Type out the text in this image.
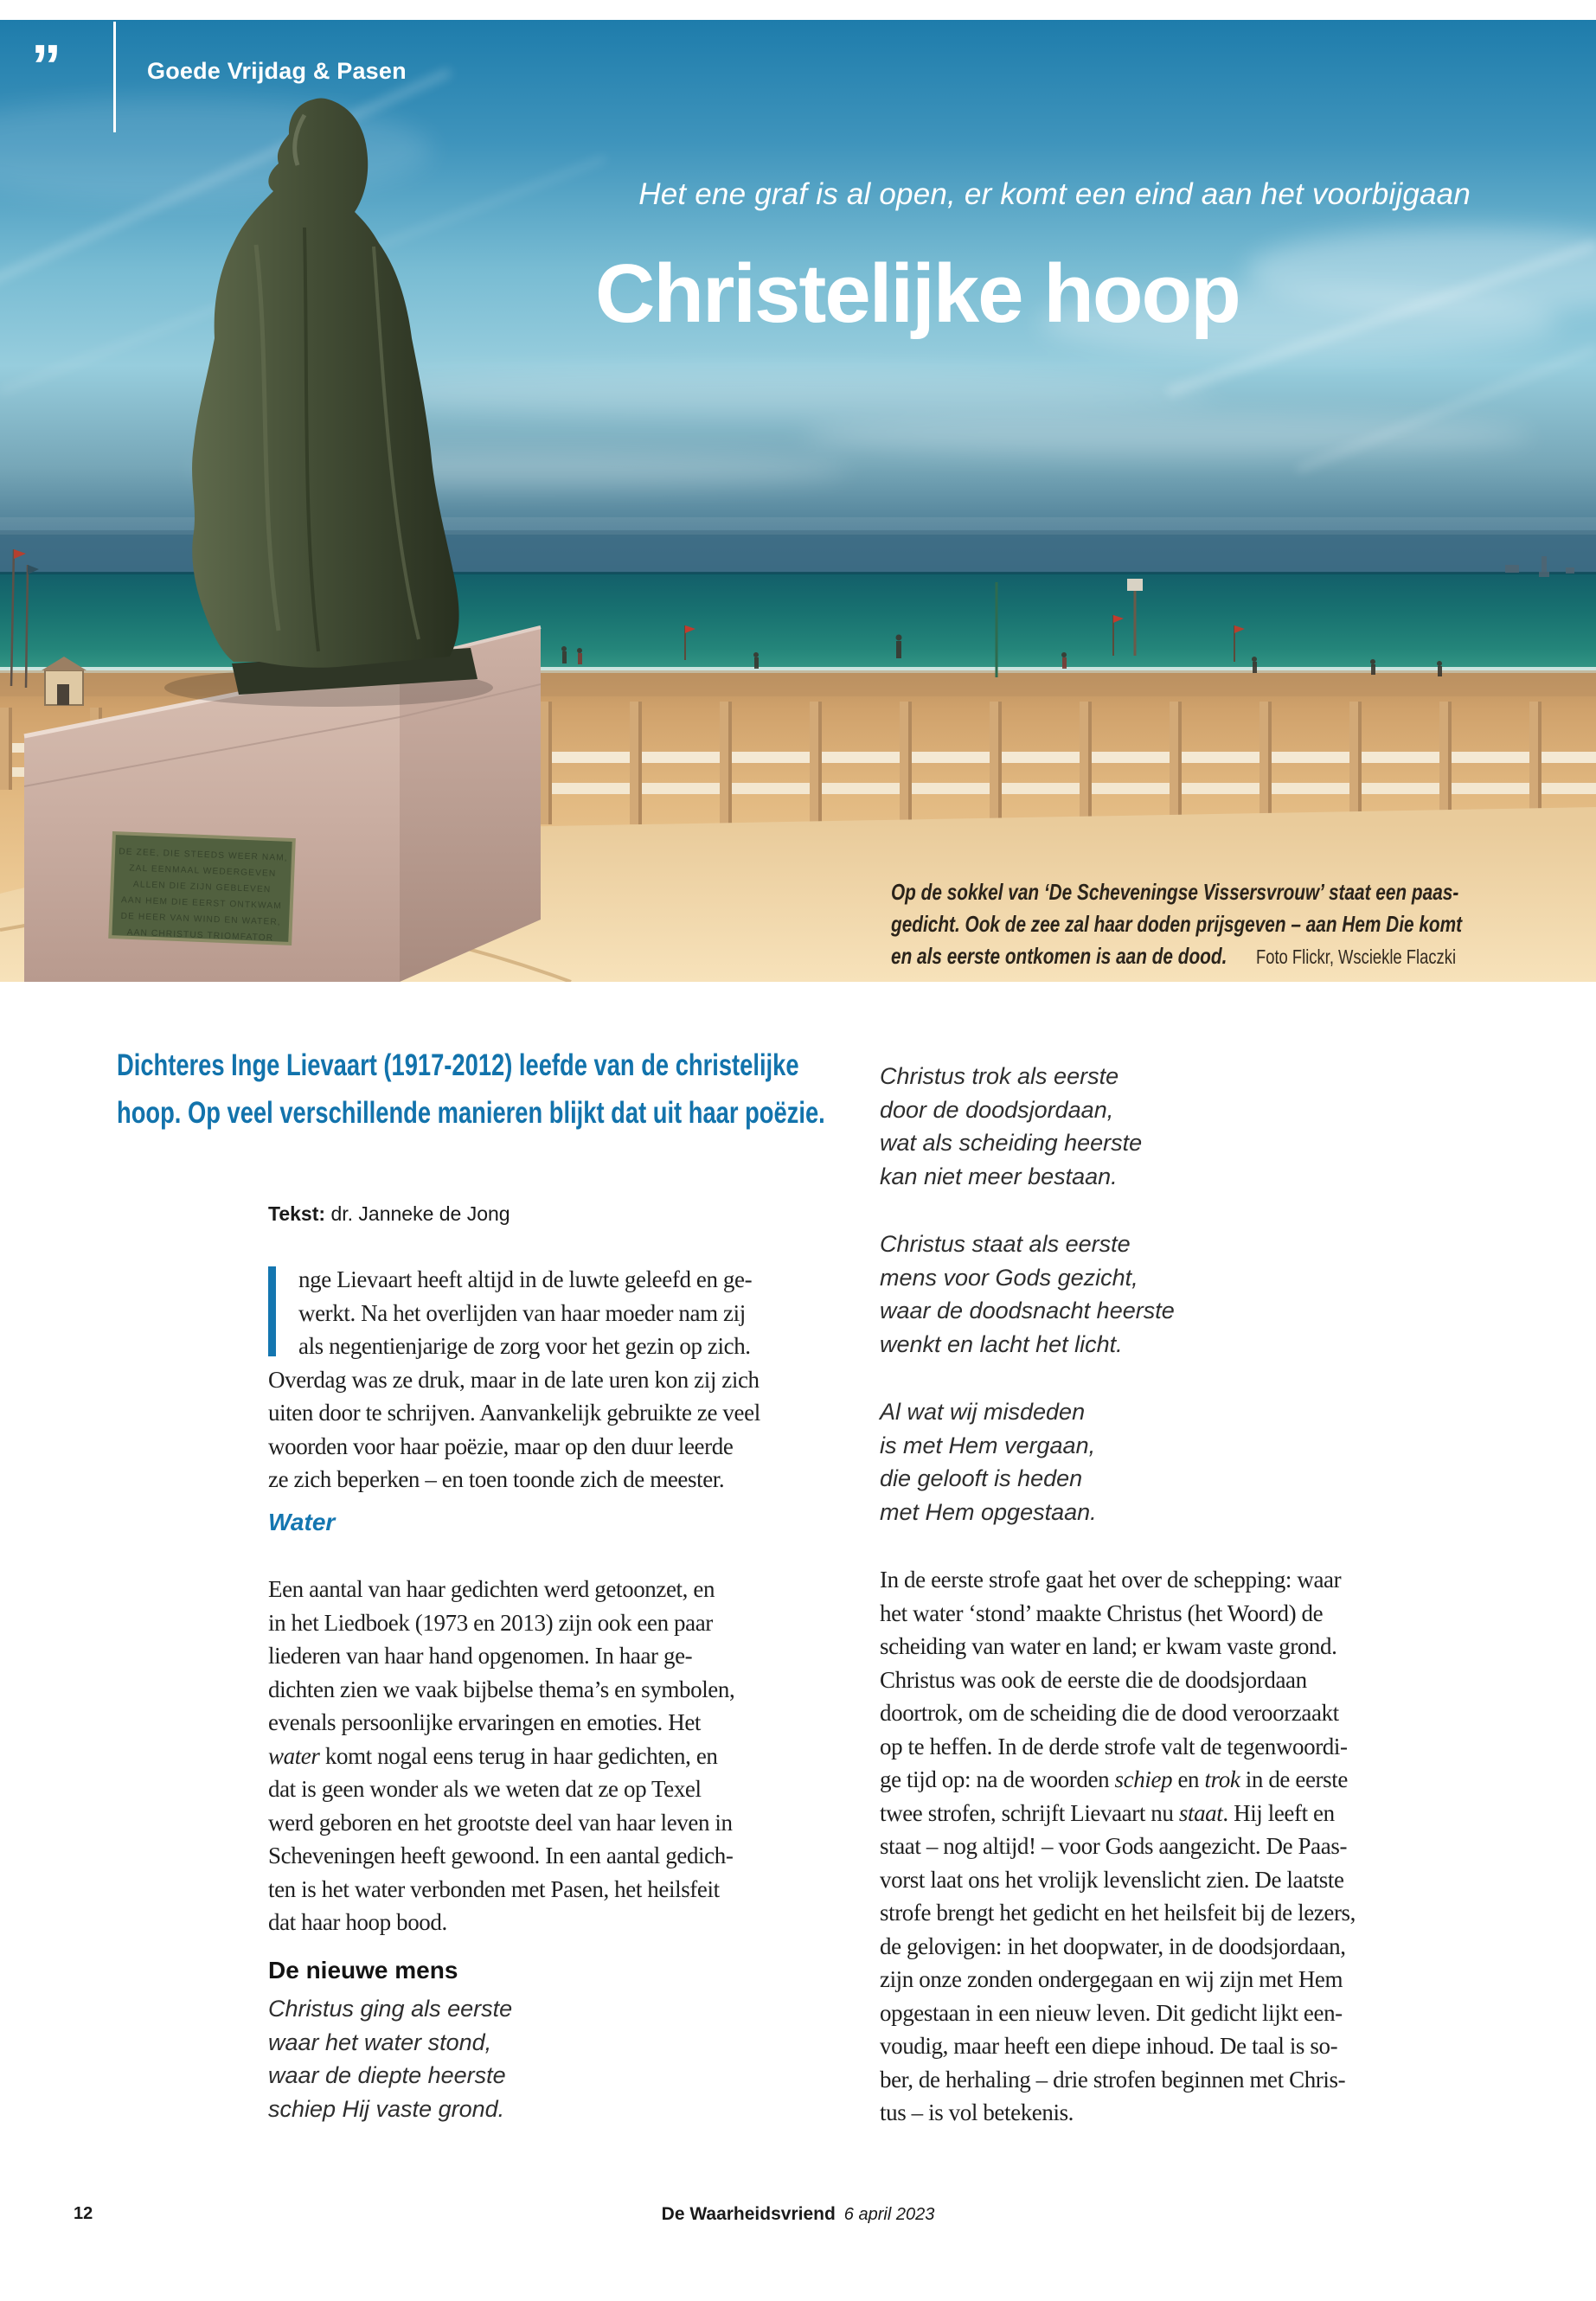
DE ZEE, DIE STEEDS WEER NAM,
ZAL EENMAAL WEDERGEVEN
ALLEN DIE ZIJN GEBLEVEN
AAN HEM DIE EERST ONTKWAM
DE HEER VAN WIND EN WATER,
AAN CHRISTUS TRIOMFATOR
”	Goede Vrijdag & Pasen
Het ene graf is al open, er komt een eind aan het voorbijgaan
Christelijke hoop
Op de sokkel van ‘De Scheveningse Vissersvrouw’ staat een paas-
gedicht. Ook de zee zal haar doden prijsgeven – aan Hem Die komt
en als eerste ontkomen is aan de dood. Foto Flickr, Wsciekle Flaczki
Dichteres Inge Lievaart (1917-2012) leefde van de christelijke
hoop. Op veel verschillende manieren blijkt dat uit haar poëzie.
Tekst: dr. Janneke de Jong
nge Lievaart heeft altijd in de luwte geleefd en ge-
werkt. Na het overlijden van haar moeder nam zij
als negentienjarige de zorg voor het gezin op zich.
Overdag was ze druk, maar in de late uren kon zij zich
uiten door te schrijven. Aanvankelijk gebruikte ze veel
woorden voor haar poëzie, maar op den duur leerde
ze zich beperken – en toen toonde zich de meester.
Water
Een aantal van haar gedichten werd getoonzet, en
in het Liedboek (1973 en 2013) zijn ook een paar
liederen van haar hand opgenomen. In haar ge-
dichten zien we vaak bijbelse thema’s en symbolen,
evenals persoonlijke ervaringen en emoties. Het
water komt nogal eens terug in haar gedichten, en
dat is geen wonder als we weten dat ze op Texel
werd geboren en het grootste deel van haar leven in
Scheveningen heeft gewoond. In een aantal gedich-
ten is het water verbonden met Pasen, het heilsfeit
dat haar hoop bood.
De nieuwe mens
Christus ging als eerste
waar het water stond,
waar de diepte heerste
schiep Hij vaste grond.
Christus trok als eerste
door de doodsjordaan,
wat als scheiding heerste
kan niet meer bestaan.
Christus staat als eerste
mens voor Gods gezicht,
waar de doodsnacht heerste
wenkt en lacht het licht.
Al wat wij misdeden
is met Hem vergaan,
die gelooft is heden
met Hem opgestaan.
In de eerste strofe gaat het over de schepping: waar
het water ‘stond’ maakte Christus (het Woord) de
scheiding van water en land; er kwam vaste grond.
Christus was ook de eerste die de doodsjordaan
doortrok, om de scheiding die de dood veroorzaakt
op te heffen. In de derde strofe valt de tegenwoordi-
ge tijd op: na de woorden schiep en trok in de eerste
twee strofen, schrijft Lievaart nu staat. Hij leeft en
staat – nog altijd! – voor Gods aangezicht. De Paas-
vorst laat ons het vrolijk levenslicht zien. De laatste
strofe brengt het gedicht en het heilsfeit bij de lezers,
de gelovigen: in het doopwater, in de doodsjordaan,
zijn onze zonden ondergegaan en wij zijn met Hem
opgestaan in een nieuw leven. Dit gedicht lijkt een-
voudig, maar heeft een diepe inhoud. De taal is so-
ber, de herhaling – drie strofen beginnen met Chris-
tus – is vol betekenis.
12	De Waarheidsvriend 6 april 2023
